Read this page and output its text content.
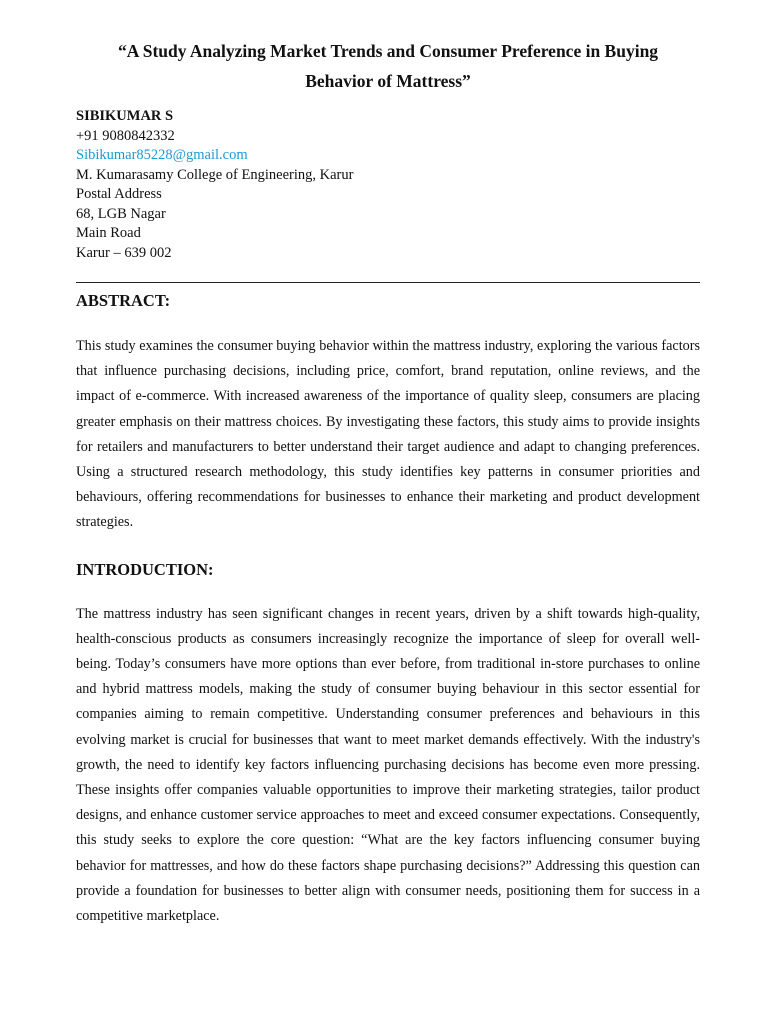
“A Study Analyzing Market Trends and Consumer Preference in Buying
Behavior of Mattress”
SIBIKUMAR S
+91 9080842332
Sibikumar85228@gmail.com
M. Kumarasamy College of Engineering, Karur
Postal Address
68, LGB Nagar
Main Road
Karur – 639 002
ABSTRACT:

This study examines the consumer buying behavior within the mattress industry, exploring the various factors that influence purchasing decisions, including price, comfort, brand reputation, online reviews, and the impact of e-commerce. With increased awareness of the importance of quality sleep, consumers are placing greater emphasis on their mattress choices. By investigating these factors, this study aims to provide insights for retailers and manufacturers to better understand their target audience and adapt to changing preferences. Using a structured research methodology, this study identifies key patterns in consumer priorities and behaviours, offering recommendations for businesses to enhance their marketing and product development strategies.

INTRODUCTION:

The mattress industry has seen significant changes in recent years, driven by a shift towards high-quality, health-conscious products as consumers increasingly recognize the importance of sleep for overall well-being. Today’s consumers have more options than ever before, from traditional in-store purchases to online and hybrid mattress models, making the study of consumer buying behaviour in this sector essential for companies aiming to remain competitive. Understanding consumer preferences and behaviours in this evolving market is crucial for businesses that want to meet market demands effectively. With the industry's growth, the need to identify key factors influencing purchasing decisions has become even more pressing. These insights offer companies valuable opportunities to improve their marketing strategies, tailor product designs, and enhance customer service approaches to meet and exceed consumer expectations. Consequently, this study seeks to explore the core question: “What are the key factors influencing consumer buying behavior for mattresses, and how do these factors shape purchasing decisions?” Addressing this question can provide a foundation for businesses to better align with consumer needs, positioning them for success in a competitive marketplace.
